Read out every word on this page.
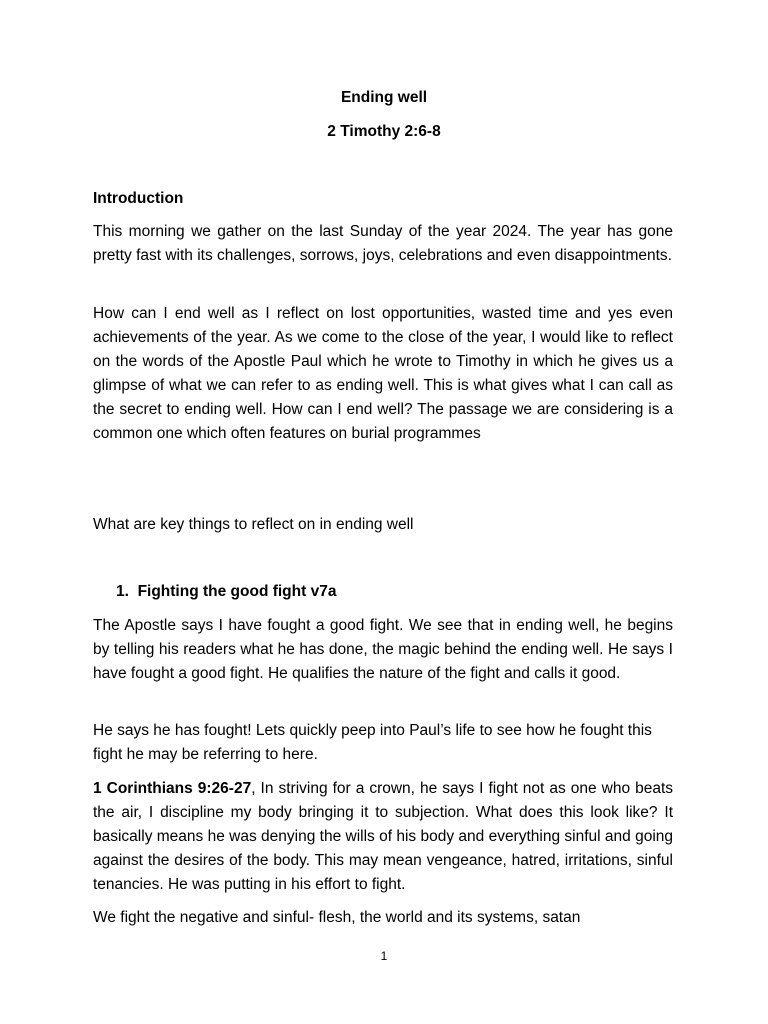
Ending well
2 Timothy 2:6-8
Introduction

This morning we gather on the last Sunday of the year 2024. The year has gone pretty fast with its challenges, sorrows, joys, celebrations and even disappointments.

How can I end well as I reflect on lost opportunities, wasted time and yes even achievements of the year. As we come to the close of the year, I would like to reflect on the words of the Apostle Paul which he wrote to Timothy in which he gives us a glimpse of what we can refer to as ending well. This is what gives what I can call as the secret to ending well. How can I end well? The passage we are considering is a common one which often features on burial programmes

What are key things to reflect on in ending well

1. Fighting the good fight v7a

The Apostle says I have fought a good fight. We see that in ending well, he begins by telling his readers what he has done, the magic behind the ending well. He says I have fought a good fight. He qualifies the nature of the fight and calls it good.

He says he has fought! Lets quickly peep into Paul’s life to see how he fought this fight he may be referring to here.

1 Corinthians 9:26-27, In striving for a crown, he says I fight not as one who beats the air, I discipline my body bringing it to subjection. What does this look like? It basically means he was denying the wills of his body and everything sinful and going against the desires of the body. This may mean vengeance, hatred, irritations, sinful tenancies. He was putting in his effort to fight.

We fight the negative and sinful- flesh, the world and its systems, satan

1
